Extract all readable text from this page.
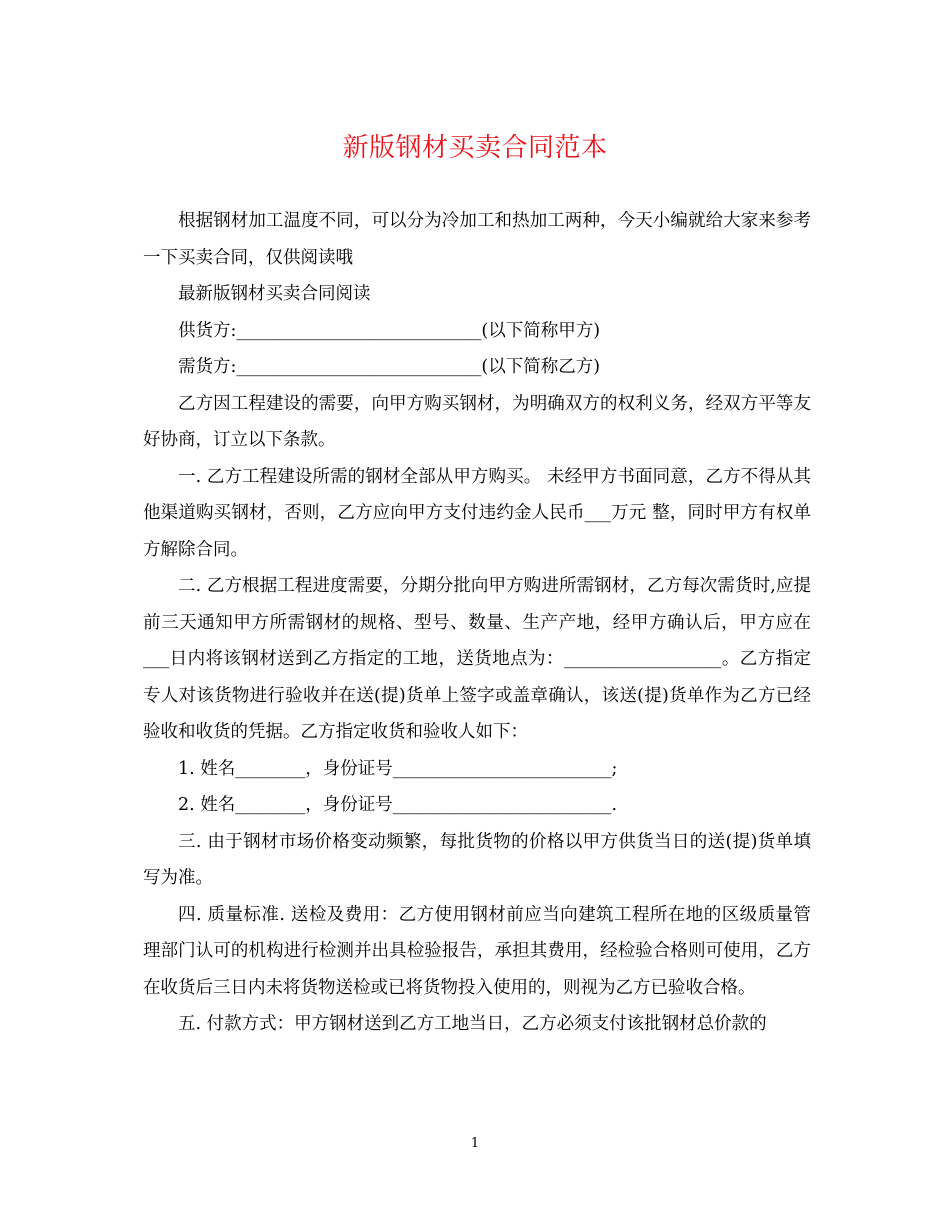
新版钢材买卖合同范本

根据钢材加工温度不同，可以分为冷加工和热加工两种，今天小编就给大家来参考一下买卖合同，仅供阅读哦

最新版钢材买卖合同阅读

供货方:____________________________(以下简称甲方)

需货方:____________________________(以下简称乙方)

乙方因工程建设的需要，向甲方购买钢材，为明确双方的权利义务，经双方平等友好协商，订立以下条款。

一. 乙方工程建设所需的钢材全部从甲方购买。 未经甲方书面同意，乙方不得从其他渠道购买钢材，否则，乙方应向甲方支付违约金人民币___万元 整，同时甲方有权单方解除合同。

二. 乙方根据工程进度需要，分期分批向甲方购进所需钢材，乙方每次需货时,应提前三天通知甲方所需钢材的规格、型号、数量、生产产地，经甲方确认后，甲方应在___日内将该钢材送到乙方指定的工地，送货地点为：__________________。乙方指定专人对该货物进行验收并在送(提)货单上签字或盖章确认，该送(提)货单作为乙方已经验收和收货的凭据。乙方指定收货和验收人如下：

1. 姓名________，身份证号_________________________;

2. 姓名________，身份证号_________________________.

三. 由于钢材市场价格变动频繁，每批货物的价格以甲方供货当日的送(提)货单填写为准。

四. 质量标准. 送检及费用：乙方使用钢材前应当向建筑工程所在地的区级质量管理部门认可的机构进行检测并出具检验报告，承担其费用，经检验合格则可使用，乙方在收货后三日内未将货物送检或已将货物投入使用的，则视为乙方已验收合格。

五. 付款方式：甲方钢材送到乙方工地当日，乙方必须支付该批钢材总价款的

1
